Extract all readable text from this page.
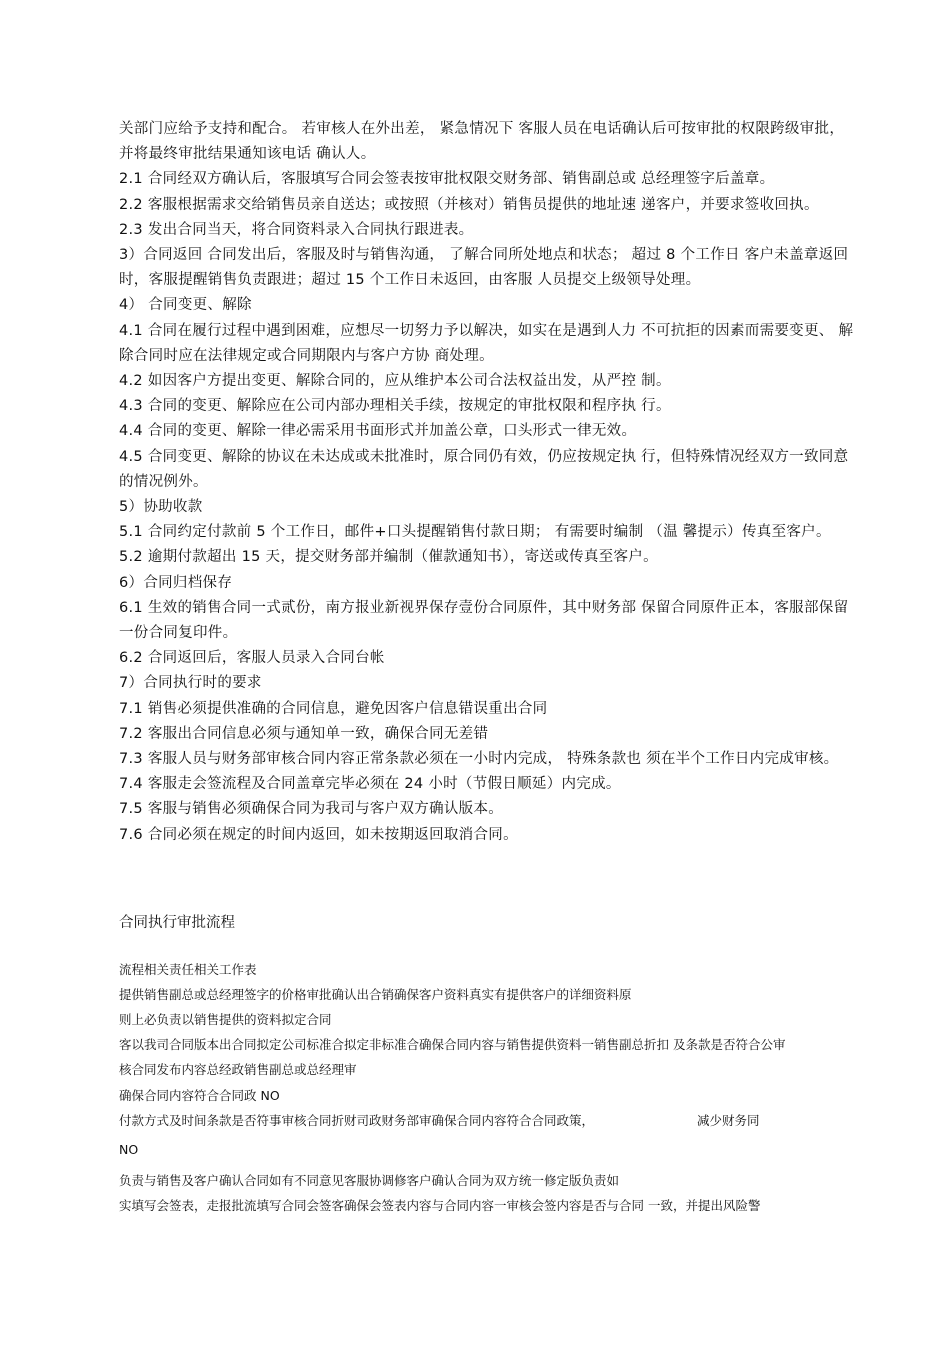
关部门应给予支持和配合。 若审核人在外出差， 紧急情况下 客服人员在电话确认后可按审批的权限跨级审批， 并将最终审批结果通知该电话 确认人。

2.1 合同经双方确认后，客服填写合同会签表按审批权限交财务部、销售副总或 总经理签字后盖章。

2.2 客服根据需求交给销售员亲自送达；或按照（并核对）销售员提供的地址速 递客户，并要求签收回执。

2.3 发出合同当天，将合同资料录入合同执行跟进表。

3）合同返回 合同发出后，客服及时与销售沟通， 了解合同所处地点和状态； 超过 8 个工作日 客户未盖章返回时，客服提醒销售负责跟进；超过 15 个工作日未返回，由客服 人员提交上级领导处理。

4） 合同变更、解除

4.1 合同在履行过程中遇到困难，应想尽一切努力予以解决，如实在是遇到人力 不可抗拒的因素而需要变更、 解除合同时应在法律规定或合同期限内与客户方协 商处理。

4.2 如因客户方提出变更、解除合同的，应从维护本公司合法权益出发，从严控 制。

4.3 合同的变更、解除应在公司内部办理相关手续，按规定的审批权限和程序执 行。

4.4 合同的变更、解除一律必需采用书面形式并加盖公章，口头形式一律无效。

4.5 合同变更、解除的协议在未达成或未批准时，原合同仍有效，仍应按规定执 行，但特殊情况经双方一致同意的情况例外。

5）协助收款

5.1 合同约定付款前 5 个工作日，邮件+口头提醒销售付款日期； 有需要时编制 （温 馨提示）传真至客户。

5.2 逾期付款超出 15 天，提交财务部并编制（催款通知书），寄送或传真至客户。

6）合同归档保存

6.1 生效的销售合同一式贰份，南方报业新视界保存壹份合同原件，其中财务部 保留合同原件正本，客服部保留一份合同复印件。

6.2 合同返回后，客服人员录入合同台帐

7）合同执行时的要求

7.1 销售必须提供准确的合同信息，避免因客户信息错误重出合同

7.2 客服出合同信息必须与通知单一致，确保合同无差错

7.3 客服人员与财务部审核合同内容正常条款必须在一小时内完成， 特殊条款也 须在半个工作日内完成审核。

7.4 客服走会签流程及合同盖章完毕必须在 24 小时（节假日顺延）内完成。

7.5 客服与销售必须确保合同为我司与客户双方确认版本。

7.6 合同必须在规定的时间内返回，如未按期返回取消合同。

合同执行审批流程

流程相关责任相关工作表

提供销售副总或总经理签字的价格审批确认出合销确保客户资料真实有提供客户的详细资料原

则上必负责以销售提供的资料拟定合同

客以我司合同版本出合同拟定公司标准合拟定非标准合确保合同内容与销售提供资料一销售副总折扣 及条款是否符合公审

核合同发布内容总经政销售副总或总经理审

确保合同内容符合合同政 NO

付款方式及时间条款是否符事审核合同折财司政财务部审确保合同内容符合合同政策，	减少财务同

NO

负责与销售及客户确认合同如有不同意见客服协调修客户确认合同为双方统一修定版负责如

实填写会签表，走报批流填写合同会签客确保会签表内容与合同内容一审核会签内容是否与合同 一致，并提出风险警
